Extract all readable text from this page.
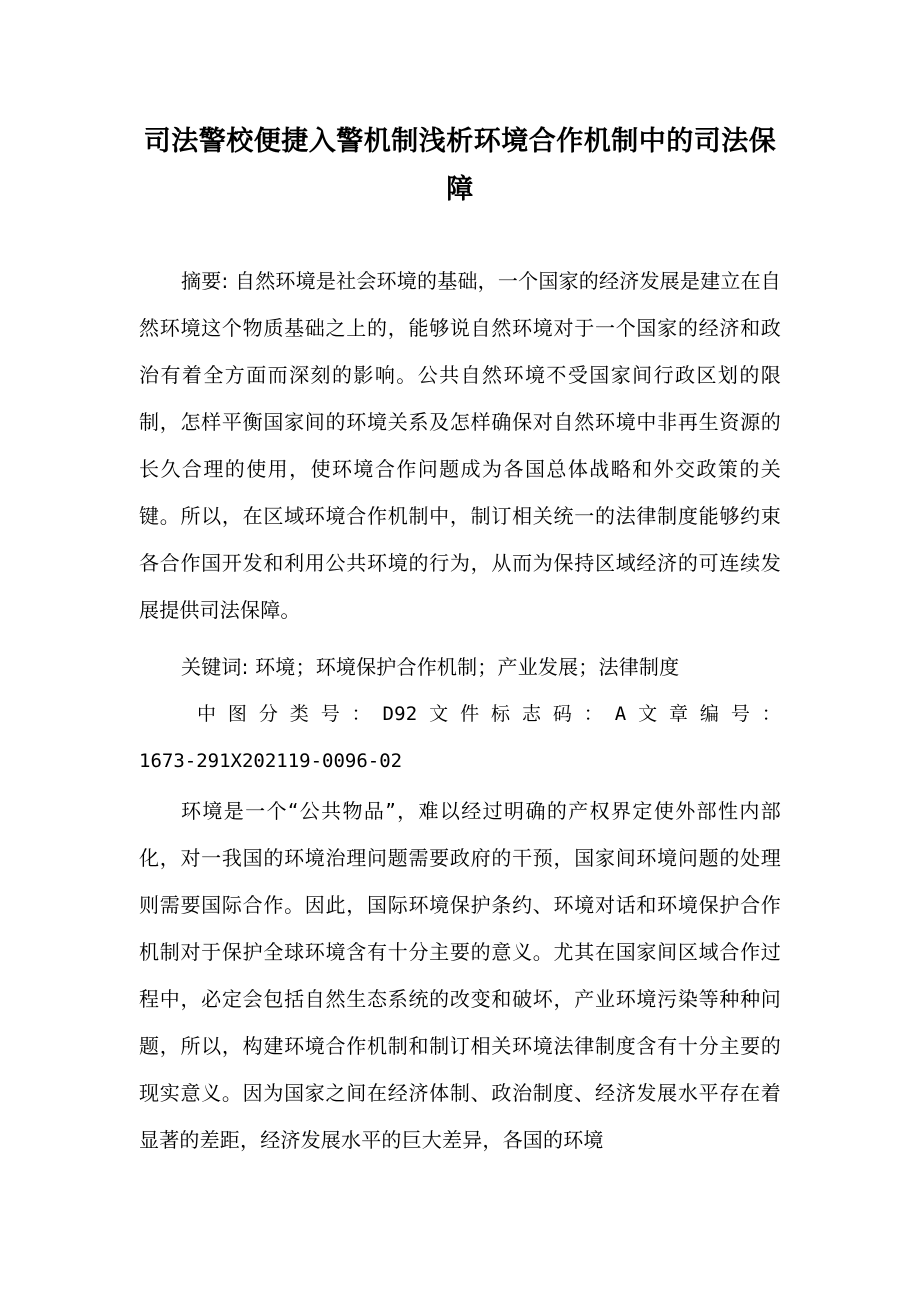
司法警校便捷入警机制浅析环境合作机制中的司法保障

摘要: 自然环境是社会环境的基础，一个国家的经济发展是建立在自然环境这个物质基础之上的，能够说自然环境对于一个国家的经济和政治有着全方面而深刻的影响。公共自然环境不受国家间行政区划的限制，怎样平衡国家间的环境关系及怎样确保对自然环境中非再生资源的长久合理的使用，使环境合作问题成为各国总体战略和外交政策的关键。所以，在区域环境合作机制中，制订相关统一的法律制度能够约束各合作国开发和利用公共环境的行为，从而为保持区域经济的可连续发展提供司法保障。

关键词: 环境；环境保护合作机制；产业发展；法律制度

中 图 分 类 号 ： D92 文 件 标 志 码 ： A 文 章 编 号 ：
1673-291X202119-0096-02

环境是一个“公共物品”，难以经过明确的产权界定使外部性内部化，对一我国的环境治理问题需要政府的干预，国家间环境问题的处理则需要国际合作。因此，国际环境保护条约、环境对话和环境保护合作机制对于保护全球环境含有十分主要的意义。尤其在国家间区域合作过程中，必定会包括自然生态系统的改变和破坏，产业环境污染等种种问题，所以，构建环境合作机制和制订相关环境法律制度含有十分主要的现实意义。因为国家之间在经济体制、政治制度、经济发展水平存在着显著的差距，经济发展水平的巨大差异，各国的环境
